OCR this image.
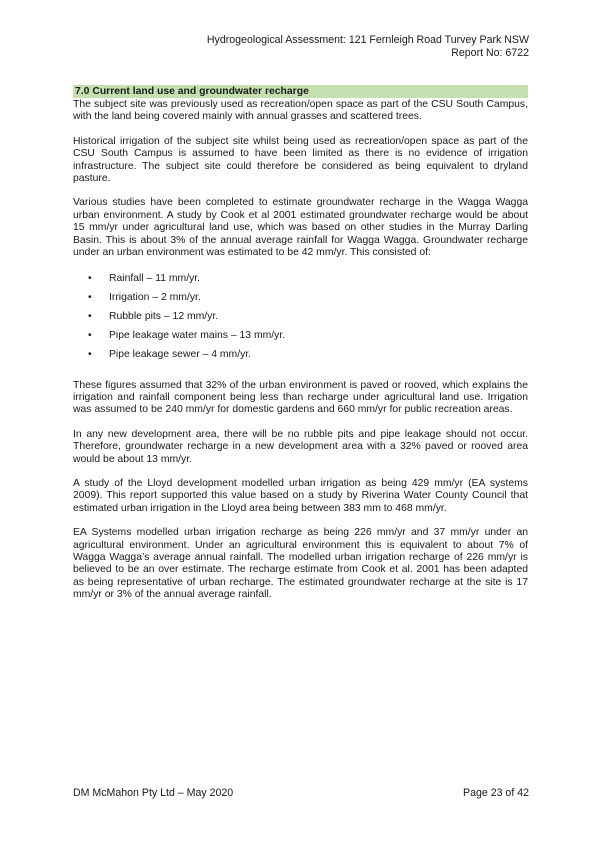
Hydrogeological Assessment: 121 Fernleigh Road Turvey Park NSW
Report No: 6722
7.0 Current land use and groundwater recharge

The subject site was previously used as recreation/open space as part of the CSU South Campus, with the land being covered mainly with annual grasses and scattered trees.

Historical irrigation of the subject site whilst being used as recreation/open space as part of the CSU South Campus is assumed to have been limited as there is no evidence of irrigation infrastructure. The subject site could therefore be considered as being equivalent to dryland pasture.

Various studies have been completed to estimate groundwater recharge in the Wagga Wagga urban environment. A study by Cook et al 2001 estimated groundwater recharge would be about 15 mm/yr under agricultural land use, which was based on other studies in the Murray Darling Basin. This is about 3% of the annual average rainfall for Wagga Wagga. Groundwater recharge under an urban environment was estimated to be 42 mm/yr. This consisted of:

• Rainfall – 11 mm/yr.
• Irrigation – 2 mm/yr.
• Rubble pits – 12 mm/yr.
• Pipe leakage water mains – 13 mm/yr.
• Pipe leakage sewer – 4 mm/yr.

These figures assumed that 32% of the urban environment is paved or rooved, which explains the irrigation and rainfall component being less than recharge under agricultural land use. Irrigation was assumed to be 240 mm/yr for domestic gardens and 660 mm/yr for public recreation areas.

In any new development area, there will be no rubble pits and pipe leakage should not occur. Therefore, groundwater recharge in a new development area with a 32% paved or rooved area would be about 13 mm/yr.

A study of the Lloyd development modelled urban irrigation as being 429 mm/yr (EA systems 2009). This report supported this value based on a study by Riverina Water County Council that estimated urban irrigation in the Lloyd area being between 383 mm to 468 mm/yr.

EA Systems modelled urban irrigation recharge as being 226 mm/yr and 37 mm/yr under an agricultural environment. Under an agricultural environment this is equivalent to about 7% of Wagga Wagga’s average annual rainfall. The modelled urban irrigation recharge of 226 mm/yr is believed to be an over estimate. The recharge estimate from Cook et al. 2001 has been adapted as being representative of urban recharge. The estimated groundwater recharge at the site is 17 mm/yr or 3% of the annual average rainfall.

DM McMahon Pty Ltd – May 2020	Page 23 of 42
